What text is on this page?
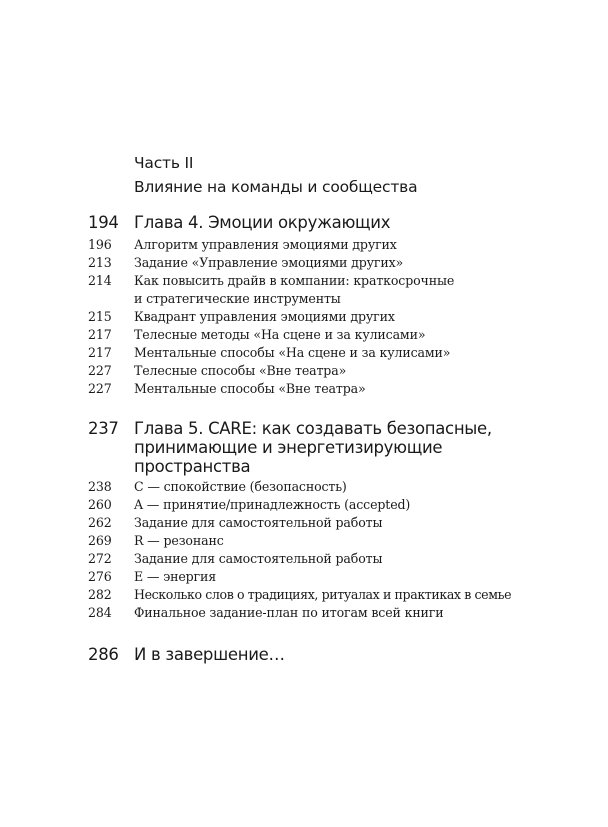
Часть II
Влияние на команды и сообщества
194 Глава 4. Эмоции окружающих
196 Алгоритм управления эмоциями других
213 Задание «Управление эмоциями других»
214 Как повысить драйв в компании: краткосрочные и стратегические инструменты
215 Квадрант управления эмоциями других
217 Телесные методы «На сцене и за кулисами»
217 Ментальные способы «На сцене и за кулисами»
227 Телесные способы «Вне театра»
227 Ментальные способы «Вне театра»
237 Глава 5. CARE: как создавать безопасные, принимающие и энергетизирующие пространства
238 C — спокойствие (безопасность)
260 A — принятие/принадлежность (accepted)
262 Задание для самостоятельной работы
269 R — резонанс
272 Задание для самостоятельной работы
276 E — энергия
282 Несколько слов о традициях, ритуалах и практиках в семье
284 Финальное задание-план по итогам всей книги
286 И в завершение…
